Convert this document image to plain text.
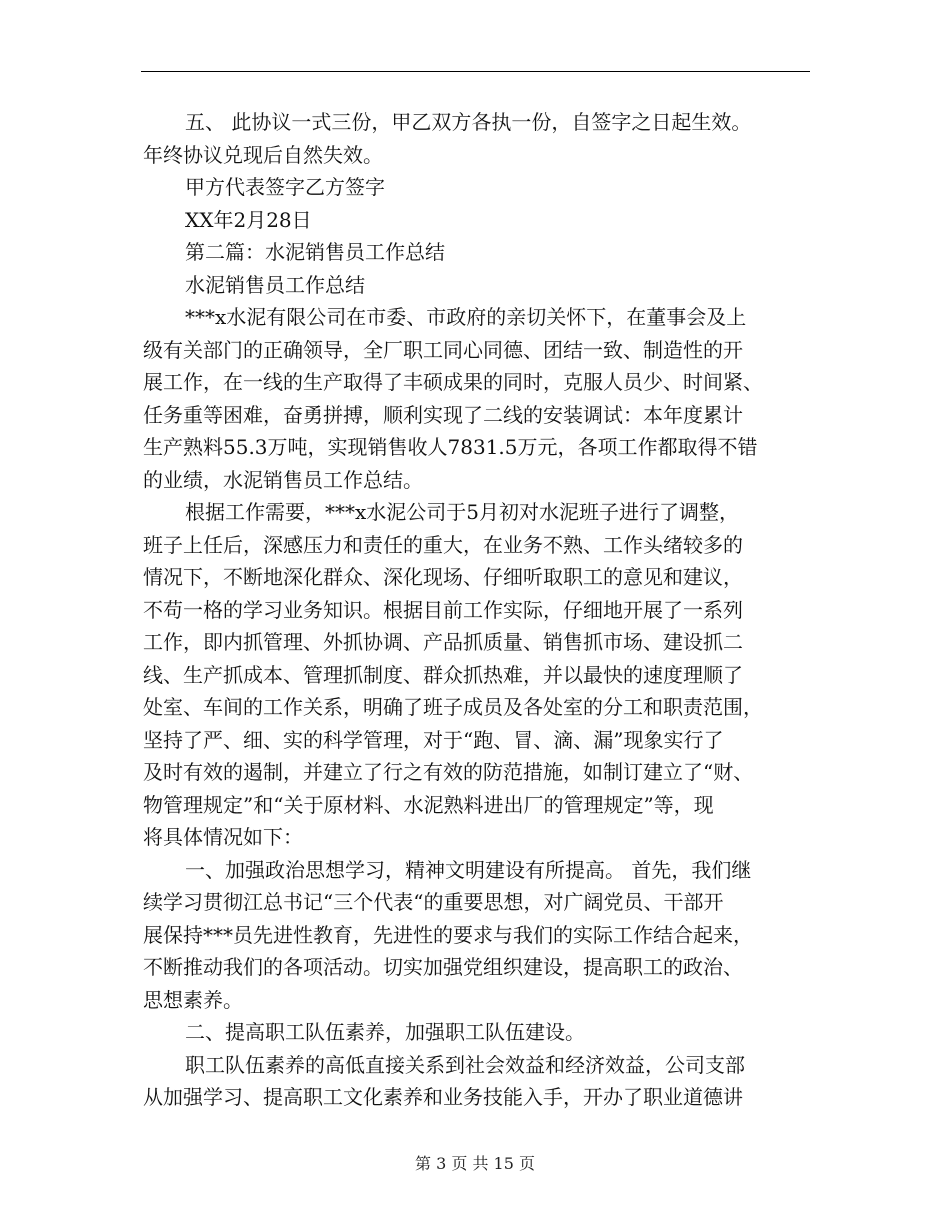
五、 此协议一式三份，甲乙双方各执一份，自签字之日起生效。
年终协议兑现后自然失效。
甲方代表签字乙方签字
XX年2月28日
第二篇：水泥销售员工作总结
水泥销售员工作总结
***x水泥有限公司在市委、市政府的亲切关怀下，在董事会及上
级有关部门的正确领导，全厂职工同心同德、团结一致、制造性的开
展工作，在一线的生产取得了丰硕成果的同时，克服人员少、时间紧、
任务重等困难，奋勇拼搏，顺利实现了二线的安装调试：本年度累计
生产熟料55.3万吨，实现销售收人7831.5万元，各项工作都取得不错
的业绩，水泥销售员工作总结。
根据工作需要，***x水泥公司于5月初对水泥班子进行了调整，
班子上任后，深感压力和责任的重大，在业务不熟、工作头绪较多的
情况下，不断地深化群众、深化现场、仔细听取职工的意见和建议，
不苟一格的学习业务知识。根据目前工作实际，仔细地开展了一系列
工作，即内抓管理、外抓协调、产品抓质量、销售抓市场、建设抓二
线、生产抓成本、管理抓制度、群众抓热难，并以最快的速度理顺了
处室、车间的工作关系，明确了班子成员及各处室的分工和职责范围，
坚持了严、细、实的科学管理，对于“跑、冒、滴、漏”现象实行了
及时有效的遏制，并建立了行之有效的防范措施，如制订建立了“财、
物管理规定”和“关于原材料、水泥熟料进出厂的管理规定”等，现
将具体情况如下：
一、加强政治思想学习，精神文明建设有所提高。 首先，我们继
续学习贯彻江总书记“三个代表“的重要思想，对广阔党员、干部开
展保持***员先进性教育，先进性的要求与我们的实际工作结合起来，
不断推动我们的各项活动。切实加强党组织建设，提高职工的政治、
思想素养。
二、提高职工队伍素养，加强职工队伍建设。
职工队伍素养的高低直接关系到社会效益和经济效益，公司支部
从加强学习、提高职工文化素养和业务技能入手，开办了职业道德讲
第 3 页 共 15 页
